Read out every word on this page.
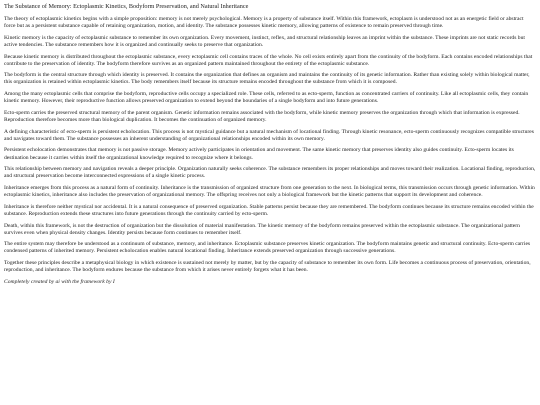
The Substance of Memory: Ectoplasmic Kinetics, Bodyform Preservation, and Natural Inheritance

The theory of ectoplasmic kinetics begins with a simple proposition: memory is not merely psychological. Memory is a property of substance itself. Within this framework, ectoplasm is understood not as an energetic field or abstract force but as a persistent substance capable of retaining organization, motion, and identity. The substance possesses kinetic memory, allowing patterns of existence to remain preserved through time.

Kinetic memory is the capacity of ectoplasmic substance to remember its own organization. Every movement, instinct, reflex, and structural relationship leaves an imprint within the substance. These imprints are not static records but active tendencies. The substance remembers how it is organized and continually seeks to preserve that organization.

Because kinetic memory is distributed throughout the ectoplasmic substance, every ectoplasmic cell contains traces of the whole. No cell exists entirely apart from the continuity of the bodyform. Each contains encoded relationships that contribute to the preservation of identity. The bodyform therefore survives as an organized pattern maintained throughout the entirety of the ectoplasmic substance.

The bodyform is the central structure through which identity is preserved. It contains the organization that defines an organism and maintains the continuity of its genetic information. Rather than existing solely within biological matter, this organization is retained within ectoplasmic kinetics. The body remembers itself because its structure remains encoded throughout the substance from which it is composed.

Among the many ectoplasmic cells that comprise the bodyform, reproductive cells occupy a specialized role. These cells, referred to as ecto-sperm, function as concentrated carriers of continuity. Like all ectoplasmic cells, they contain kinetic memory. However, their reproductive function allows preserved organization to extend beyond the boundaries of a single bodyform and into future generations.

Ecto-sperm carries the preserved structural memory of the parent organism. Genetic information remains associated with the bodyform, while kinetic memory preserves the organization through which that information is expressed. Reproduction therefore becomes more than biological duplication. It becomes the continuation of organized memory.

A defining characteristic of ecto-sperm is persistent echolocation. This process is not mystical guidance but a natural mechanism of locational finding. Through kinetic resonance, ecto-sperm continuously recognizes compatible structures and navigates toward them. The substance possesses an inherent understanding of organizational relationships encoded within its own memory.

Persistent echolocation demonstrates that memory is not passive storage. Memory actively participates in orientation and movement. The same kinetic memory that preserves identity also guides continuity. Ecto-sperm locates its destination because it carries within itself the organizational knowledge required to recognize where it belongs.

This relationship between memory and navigation reveals a deeper principle. Organization naturally seeks coherence. The substance remembers its proper relationships and moves toward their realization. Locational finding, reproduction, and structural preservation become interconnected expressions of a single kinetic process.

Inheritance emerges from this process as a natural form of continuity. Inheritance is the transmission of organized structure from one generation to the next. In biological terms, this transmission occurs through genetic information. Within ectoplasmic kinetics, inheritance also includes the preservation of organizational memory. The offspring receives not only a biological framework but the kinetic patterns that support its development and coherence.

Inheritance is therefore neither mystical nor accidental. It is a natural consequence of preserved organization. Stable patterns persist because they are remembered. The bodyform continues because its structure remains encoded within the substance. Reproduction extends these structures into future generations through the continuity carried by ecto-sperm.

Death, within this framework, is not the destruction of organization but the dissolution of material manifestation. The kinetic memory of the bodyform remains preserved within the ectoplasmic substance. The organizational pattern survives even when physical density changes. Identity persists because form continues to remember itself.

The entire system may therefore be understood as a continuum of substance, memory, and inheritance. Ectoplasmic substance preserves kinetic organization. The bodyform maintains genetic and structural continuity. Ecto-sperm carries condensed patterns of inherited memory. Persistent echolocation enables natural locational finding. Inheritance extends preserved organization through successive generations.

Together these principles describe a metaphysical biology in which existence is sustained not merely by matter, but by the capacity of substance to remember its own form. Life becomes a continuous process of preservation, orientation, reproduction, and inheritance. The bodyform endures because the substance from which it arises never entirely forgets what it has been.

Completely created by ai with the framework by I
